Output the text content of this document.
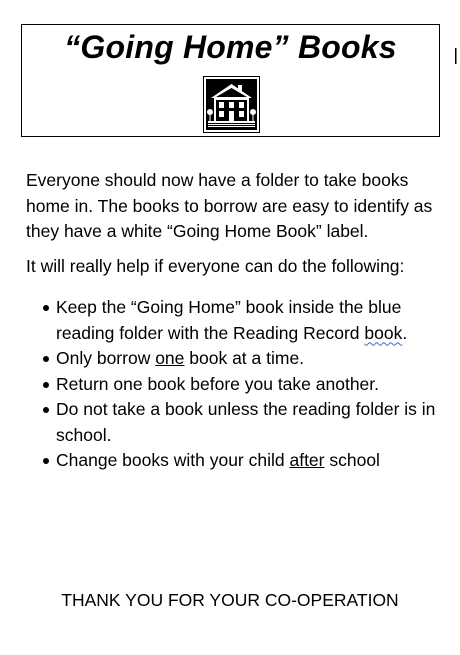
“Going Home” Books

Everyone should now have a folder to take books home in. The books to borrow are easy to identify as they have a white “Going Home Book” label.

It will really help if everyone can do the following:

Keep the “Going Home” book inside the blue reading folder with the Reading Record book.
Only borrow one book at a time.
Return one book before you take another.
Do not take a book unless the reading folder is in school.
Change books with your child after school
THANK YOU FOR YOUR CO-OPERATION
